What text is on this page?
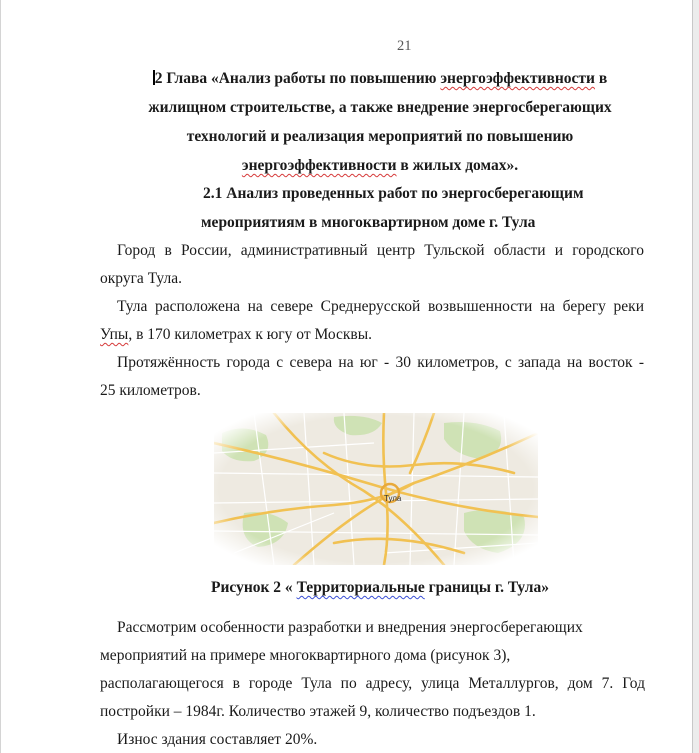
21
2 Глава «Анализ работы по повышению энергоэффективности в
жилищном строительстве, а также внедрение энергосберегающих
технологий и реализация мероприятий по повышению
энергоэффективности в жилых домах».
2.1 Анализ проведенных работ по энергосберегающим
мероприятиям в многоквартирном доме г. Тула
Город в России, административный центр Тульской области и городского
округа Тула.
Тула расположена на севере Среднерусской возвышенности на берегу реки
Упы, в 170 километрах к югу от Москвы.
Протяжённость города с севера на юг - 30 километров, с запада на восток -
25 километров.
Рисунок 2 « Территориальные границы г. Тула»
Рассмотрим особенности разработки и внедрения энергосберегающих
мероприятий на примере многоквартирного дома (рисунок 3),
располагающегося в городе Тула по адресу, улица Металлургов, дом 7. Год
постройки – 1984г. Количество этажей 9, количество подъездов 1.
Износ здания составляет 20%.
